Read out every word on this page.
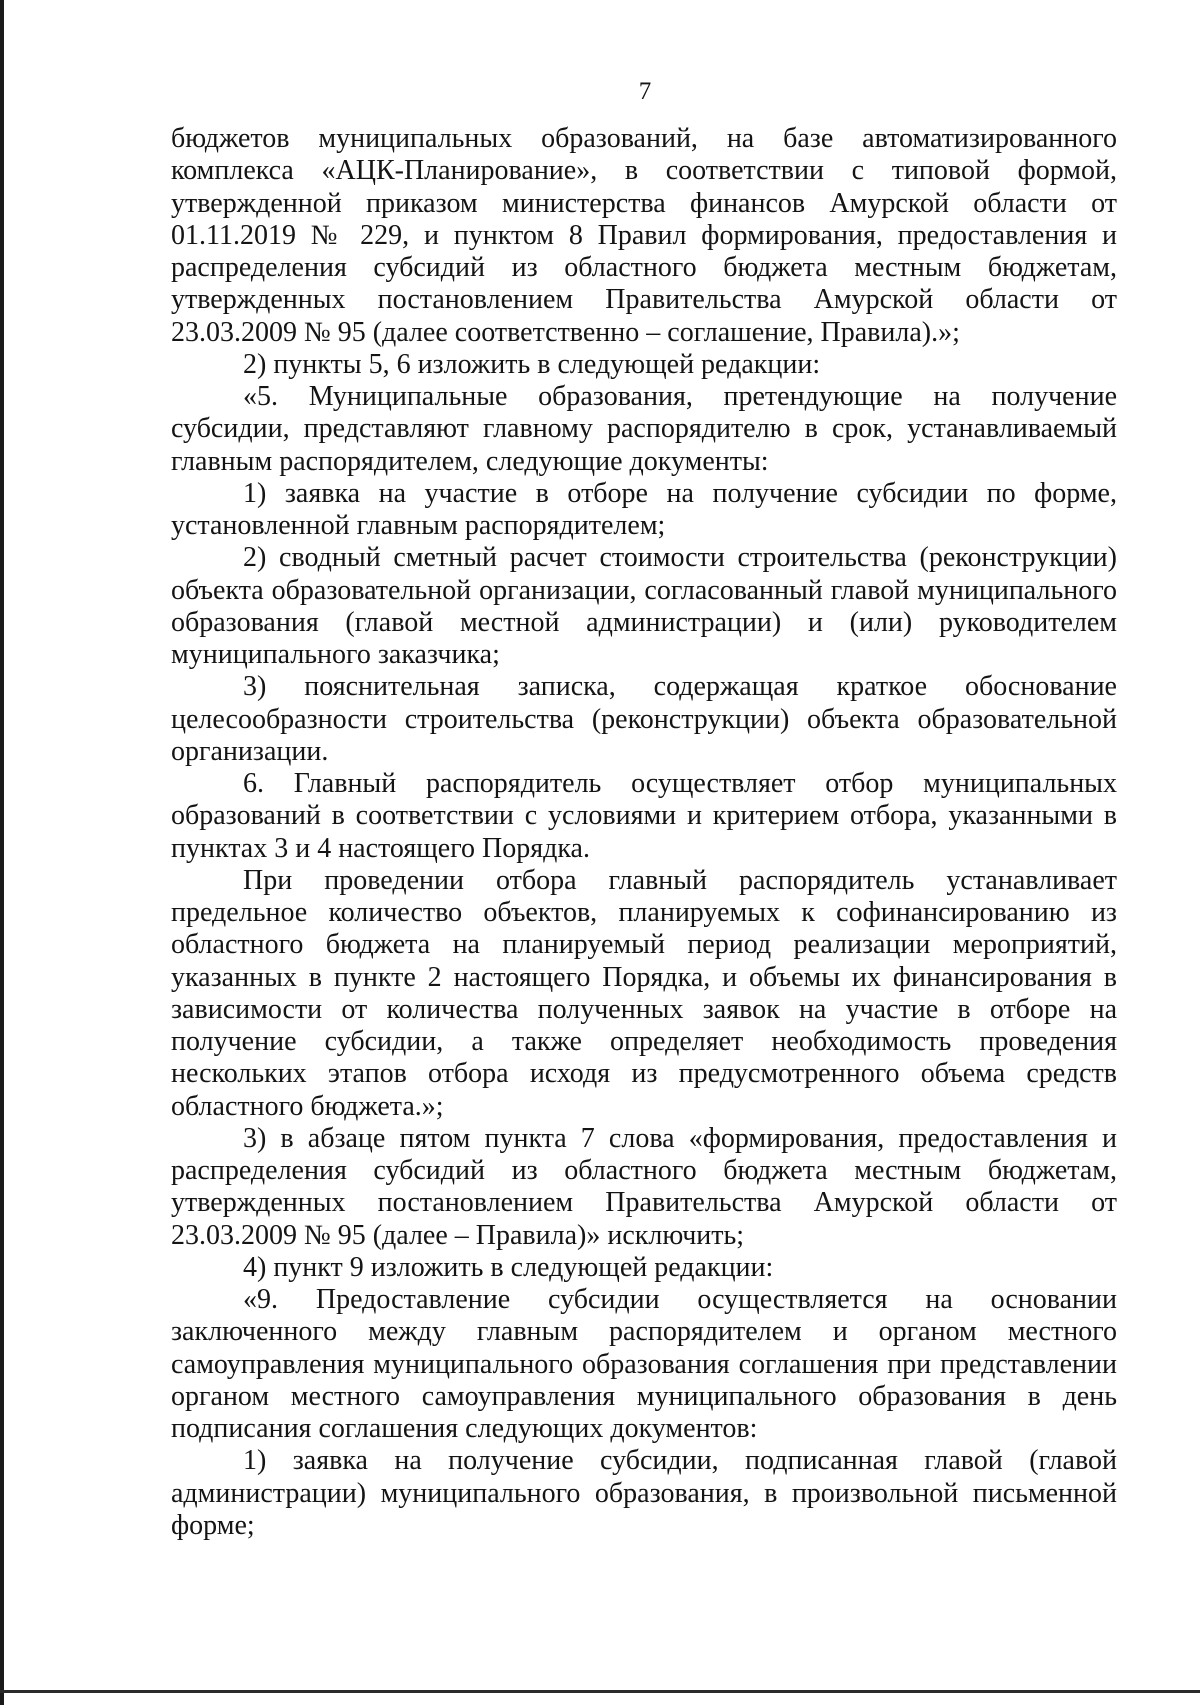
7

бюджетов муниципальных образований, на базе автоматизированного комплекса «АЦК-Планирование», в соответствии с типовой формой, утвержденной приказом министерства финансов Амурской области от 01.11.2019 № 229, и пунктом 8 Правил формирования, предоставления и распределения субсидий из областного бюджета местным бюджетам, утвержденных постановлением Правительства Амурской области от 23.03.2009 № 95 (далее соответственно – соглашение, Правила).»;

2) пункты 5, 6 изложить в следующей редакции:

«5. Муниципальные образования, претендующие на получение субсидии, представляют главному распорядителю в срок, устанавливаемый главным распорядителем, следующие документы:

1) заявка на участие в отборе на получение субсидии по форме, установленной главным распорядителем;

2) сводный сметный расчет стоимости строительства (реконструкции) объекта образовательной организации, согласованный главой муниципального образования (главой местной администрации) и (или) руководителем муниципального заказчика;

3) пояснительная записка, содержащая краткое обоснование целесообразности строительства (реконструкции) объекта образовательной организации.

6. Главный распорядитель осуществляет отбор муниципальных образований в соответствии с условиями и критерием отбора, указанными в пунктах 3 и 4 настоящего Порядка.

При проведении отбора главный распорядитель устанавливает предельное количество объектов, планируемых к софинансированию из областного бюджета на планируемый период реализации мероприятий, указанных в пункте 2 настоящего Порядка, и объемы их финансирования в зависимости от количества полученных заявок на участие в отборе на получение субсидии, а также определяет необходимость проведения нескольких этапов отбора исходя из предусмотренного объема средств областного бюджета.»;

3) в абзаце пятом пункта 7 слова «формирования, предоставления и распределения субсидий из областного бюджета местным бюджетам, утвержденных постановлением Правительства Амурской области от 23.03.2009 № 95 (далее – Правила)» исключить;

4) пункт 9 изложить в следующей редакции:

«9. Предоставление субсидии осуществляется на основании заключенного между главным распорядителем и органом местного самоуправления муниципального образования соглашения при представлении органом местного самоуправления муниципального образования в день подписания соглашения следующих документов:

1) заявка на получение субсидии, подписанная главой (главой администрации) муниципального образования, в произвольной письменной форме;
